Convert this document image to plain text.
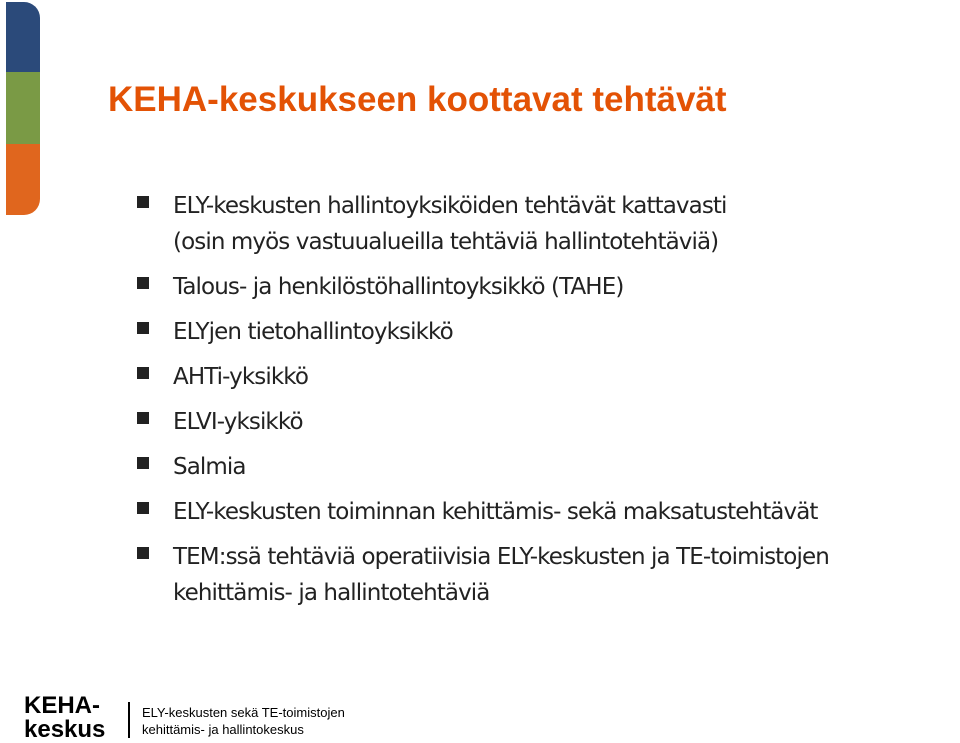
KEHA-keskukseen koottavat tehtävät
ELY-keskusten hallintoyksiköiden tehtävät kattavasti
(osin myös vastuualueilla tehtäviä hallintotehtäviä)
Talous- ja henkilöstöhallintoyksikkö (TAHE)
ELYjen tietohallintoyksikkö
AHTi-yksikkö
ELVI-yksikkö
Salmia
ELY-keskusten toiminnan kehittämis- sekä maksatustehtävät
TEM:ssä tehtäviä operatiivisia ELY-keskusten ja TE-toimistojen
kehittämis- ja hallintotehtäviä
KEHA-
keskus
ELY-keskusten sekä TE-toimistojen
kehittämis- ja hallintokeskus
